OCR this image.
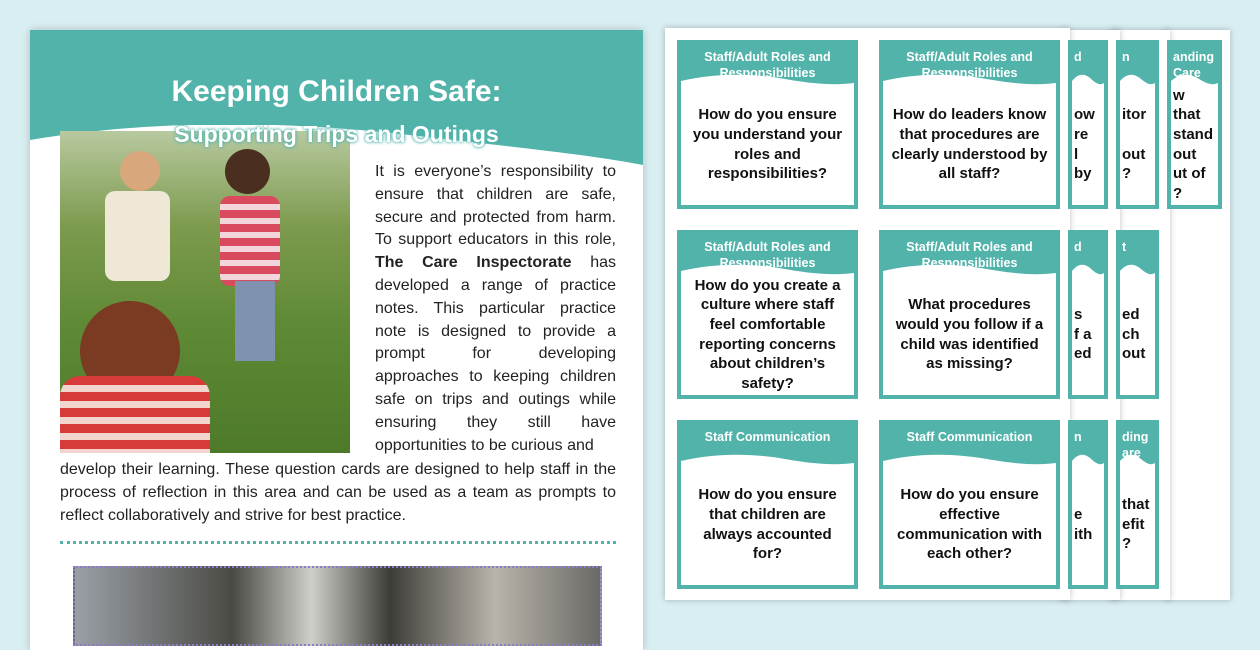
Keeping Children Safe:
Supporting Trips and Outings
It is everyone’s responsibility to ensure that children are safe, secure and protected from harm. To support educators in this role, The Care Inspectorate has developed a range of practice notes. This particular practice note is designed to provide a prompt for developing approaches to keeping children safe on trips and outings while ensuring they still have opportunities to be curious and
develop their learning. These question cards are designed to help staff in the process of reflection in this area and can be used as a team as prompts to reflect collaboratively and strive for best practice.
Staff/Adult Roles and Responsibilities
How do you ensure you understand your roles and responsibilities?
Staff/Adult Roles and Responsibilities
How do leaders know that procedures are clearly understood by all staff?
Staff/Adult Roles and Responsibilities
How do you create a culture where staff feel comfortable reporting concerns about children’s safety?
Staff/Adult Roles and Responsibilities
What procedures would you follow if a child was identified as missing?
Staff Communication
How do you ensure that children are always accounted for?
Staff Communication
How do you ensure effective communication with each other?
d
ow
re
l by
d
s
f a
ed
n
e
ith
n
itor

out
?
t
ed
ch
out
ding
are
that
efit
?
anding
Care
w that
stand
out
ut of
?
